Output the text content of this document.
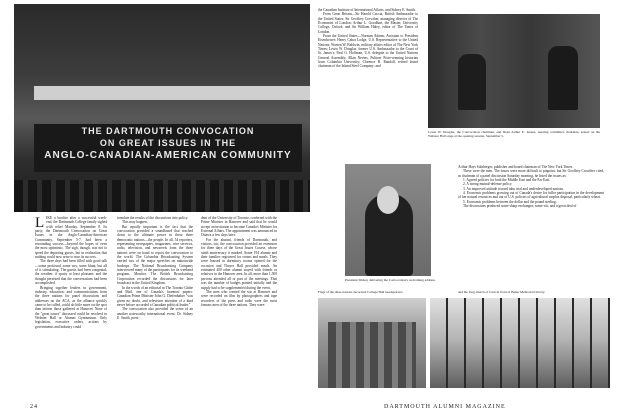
THE DARTMOUTH CONVOCATION
ON GREAT ISSUES IN THE
ANGLO-CANADIAN-AMERICAN COMMUNITY
L IKE a bonfire after a successful week-end, the Dartmouth College family sighed with relief Monday, September 8. Its party, the Dartmouth Convocation on Great Issues in the Anglo-Canadian-American Community, September 5-7, had been a resounding success—beyond the hopes of even the most optimistic. The sigh, though, was not to speed the departing guests, but in realization that nothing could now arise to mar its success.

The three days had been filled with good talk—some profound, some wry, some blunt, but all of it stimulating. The guests had been congenial; the weather, if spotty at least pleasant; and the thought persisted that the conversations had been accomplished.

Bringing together leaders in government, industry, education, and communications from the three nations for panel discussions and addresses on the ACA, as the alliance quickly came to be called, could do little more on the spot than inform those gathered at Hanover. None of the "great issues" discussed could be resolved in Webster Hall or Alumni Gymnasium. Only legislation, executive orders, actions by governments and industry could

translate the results of the discussions into policy.

This may happen.

But equally important is the fact that the convocation provided a soundboard that reached down to the ultimate power in these three democratic nations—the people. In all, 54 reporters, representing newspapers, magazines, wire services, radio, television, and newsreels from the three nations were on hand to report the convocation to the world. The Columbia Broadcasting System carried two of the major speeches on nationwide hookups. The National Broadcasting Company interviewed many of the participants for its weekend program, Monitor. The British Broadcasting Corporation recorded the discussions for later broadcast in the United Kingdom.

In the words of an editorial in The Toronto Globe and Mail, one of Canada's foremost papers: Canadian Prime Minister John G. Diefenbaker "was given no doubt, and television attention of a kind never before accorded a Canadian political leader."

The convocation also provided the scene of an another noteworthy international event. Dr. Sidney E. Smith, presi-

dent of the University of Toronto, conferred with the Prime Minister in Hanover and said that he would accept an invitation to become Canada's Minister for External Affairs. The appointment was announced in Ottawa a few days later.

For the alumni, friends of Dartmouth, and visitors, too, the convocation provided an extension for three days of the Great Issues Course, whose ninth anniversary it marked. Some 194 alumni and their families registered for rooms and meals. They were housed in dormitory rooms opened for the occasion and Thayer Hall provided meals. An estimated 400 other alumni stayed with friends or relatives in the Hanover area. In all, more than 1,500 persons attended all or part of the meetings. That was the number of badges printed initially and the supply had to be supplemented during the event.

The men who created the stir at Hanover and were recorded on film by photographers and tape recorders of the press and radio were the most famous men of the three nations. They were:

24

the Canadian Institute of International Affairs, and Sidney E. Smith.

From Great Britain—Sir Harold Caccia, British Ambassador to the United States; Sir Geoffrey Crowther, managing director of The Economist of London; Arthur L. Goodhart, the Master, University College, Oxford; and Sir William Haley, editor of The Times of London.

From the United States—Norman Adams, Assistant to President Eisenhower; Henry Cabot Lodge, U.S. Representative to the United Nations; Warren W. Baldwin, military affairs editor of The New York Times; Lewis W. Douglas, former U.S. Ambassador to the Court of St. James's; Paul G. Hoffman, U.S. delegate to the United Nations General Assembly; Allan Nevins, Pulitzer Prize-winning historian from Columbia University; Clarence B. Randall, retired board chairman of the Inland Steel Company; and

Lewis W. Douglas, the Convocation chairman, and Dean Arthur E. Jensen, steering committee chairman, seated on the Webster Hall stage at the opening session, September 5.
President Dickey delivering the Convocation's welcoming address.

Arthur Hays Sulzberger, publisher and board chairman of The New York Times.

These were the men. The issues were more difficult to pinpoint, but Sir Geoffrey Crowther cited, as chairman of a panel discussion Saturday morning, he listed the issues as:

1. Agreed policies for both the Middle East and the Far East.

2. A strong mutual-defense policy.

3. An improved attitude toward tabu trial and underdeveloped nations.

4. Economic problems growing out of Canada's desire for fuller participation in the development of her natural resources and out of U.S. policies of agricultural surplus disposal, particularly wheat.

5. Economic problems between the dollar and the pound sterling.

The discussions produced some sharp exchanges; some wit, and a great deal of

Flags of the three nations decorated College Hall headquarters	and the long stretch of lawn in front of Baker Memorial Library.
DARTMOUTH ALUMNI MAGAZINE
